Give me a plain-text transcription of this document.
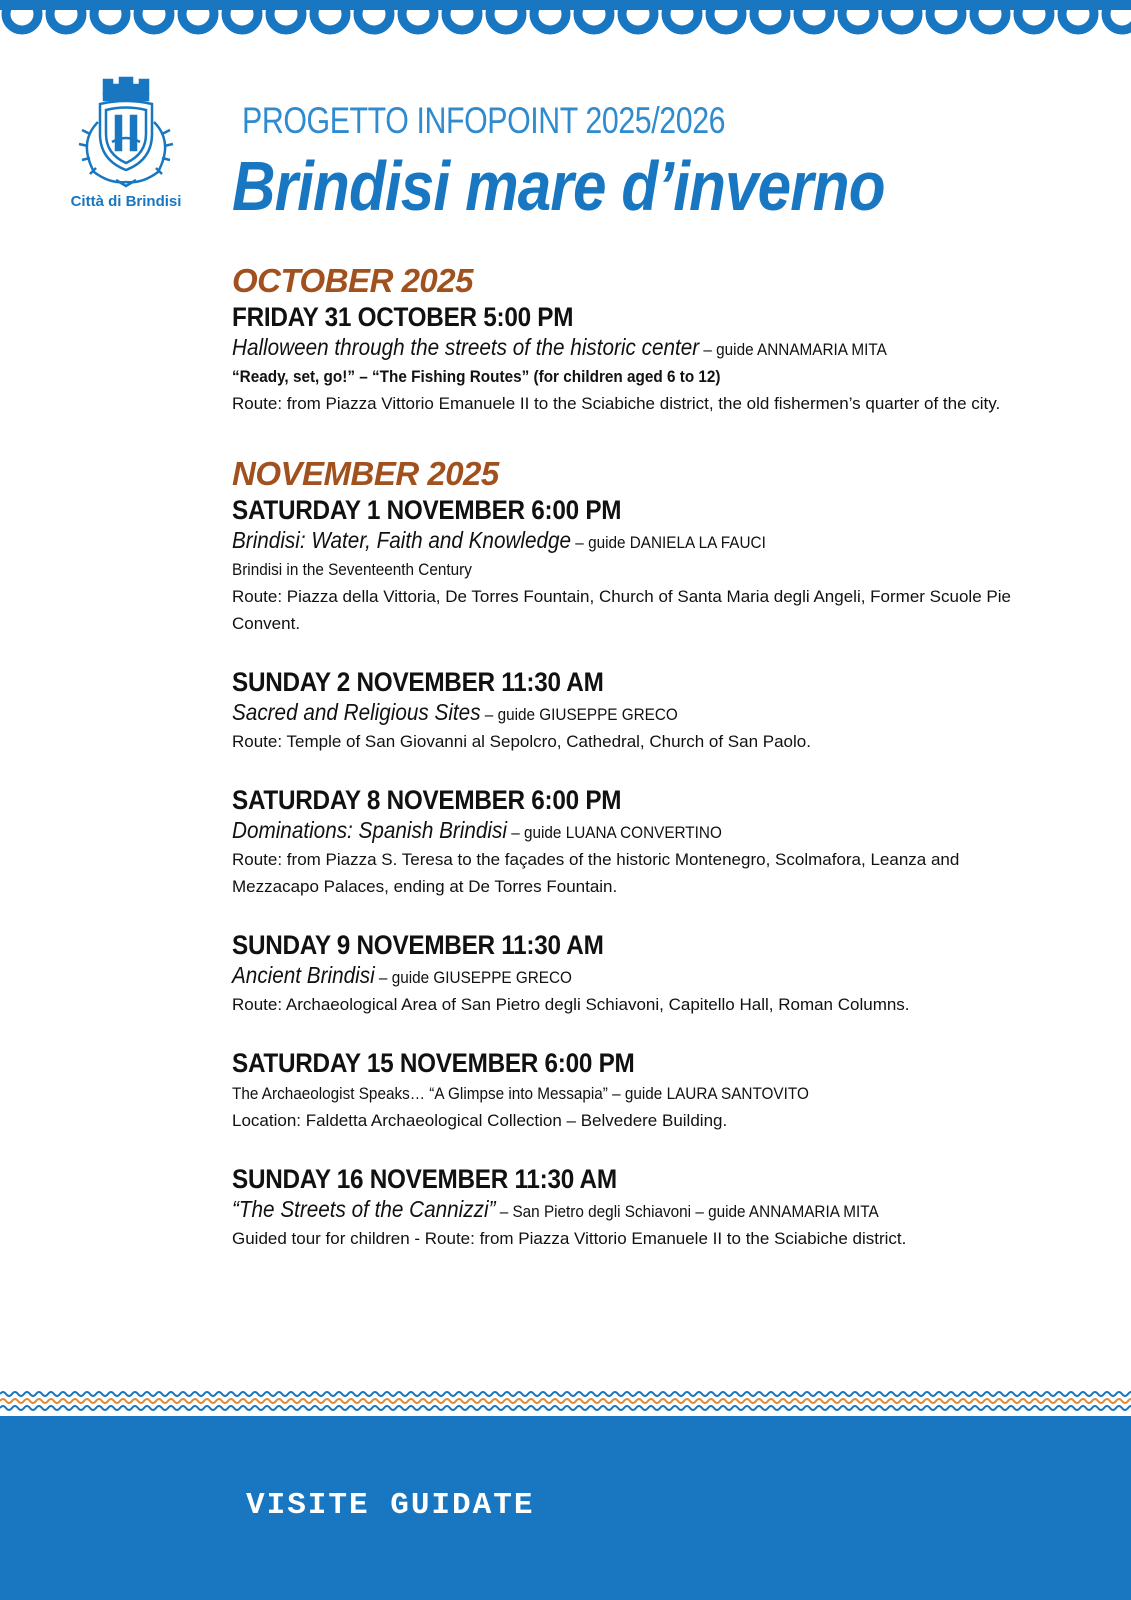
Città di Brindisi
PROGETTO INFOPOINT 2025/2026
Brindisi mare d’inverno
OCTOBER 2025
FRIDAY 31 OCTOBER 5:00 PM
Halloween through the streets of the historic center – guide ANNAMARIA MITA
“Ready, set, go!” – “The Fishing Routes” (for children aged 6 to 12)
Route: from Piazza Vittorio Emanuele II to the Sciabiche district, the old fishermen’s quarter of the city.
NOVEMBER 2025
SATURDAY 1 NOVEMBER 6:00 PM
Brindisi: Water, Faith and Knowledge – guide DANIELA LA FAUCI
Brindisi in the Seventeenth Century
Route: Piazza della Vittoria, De Torres Fountain, Church of Santa Maria degli Angeli, Former Scuole Pie Convent.
SUNDAY 2 NOVEMBER 11:30 AM
Sacred and Religious Sites – guide GIUSEPPE GRECO
Route: Temple of San Giovanni al Sepolcro, Cathedral, Church of San Paolo.
SATURDAY 8 NOVEMBER 6:00 PM
Dominations: Spanish Brindisi – guide LUANA CONVERTINO
Route: from Piazza S. Teresa to the façades of the historic Montenegro, Scolmafora, Leanza and Mezzacapo Palaces, ending at De Torres Fountain.
SUNDAY 9 NOVEMBER 11:30 AM
Ancient Brindisi – guide GIUSEPPE GRECO
Route: Archaeological Area of San Pietro degli Schiavoni, Capitello Hall, Roman Columns.
SATURDAY 15 NOVEMBER 6:00 PM
The Archaeologist Speaks… “A Glimpse into Messapia” – guide LAURA SANTOVITO
Location: Faldetta Archaeological Collection – Belvedere Building.
SUNDAY 16 NOVEMBER 11:30 AM
“The Streets of the Cannizzi” – San Pietro degli Schiavoni – guide ANNAMARIA MITA
Guided tour for children - Route: from Piazza Vittorio Emanuele II to the Sciabiche district.
VISITE GUIDATE
